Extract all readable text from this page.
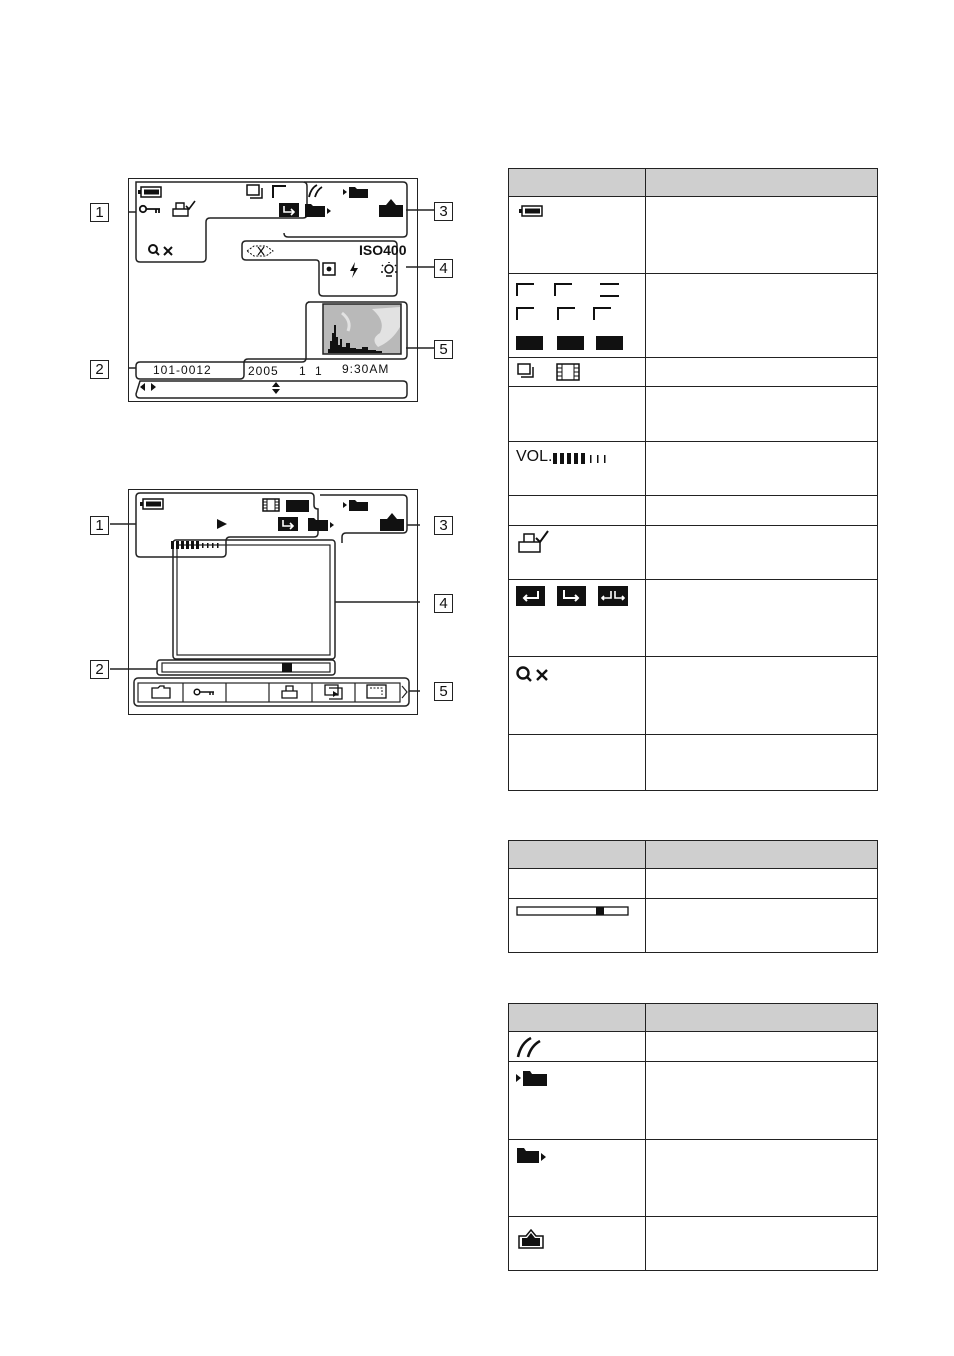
1
2
3
4
5
ISO400
101-0012	2005 1 1 9:30AM
1
2
3
4
5

VOL.	
